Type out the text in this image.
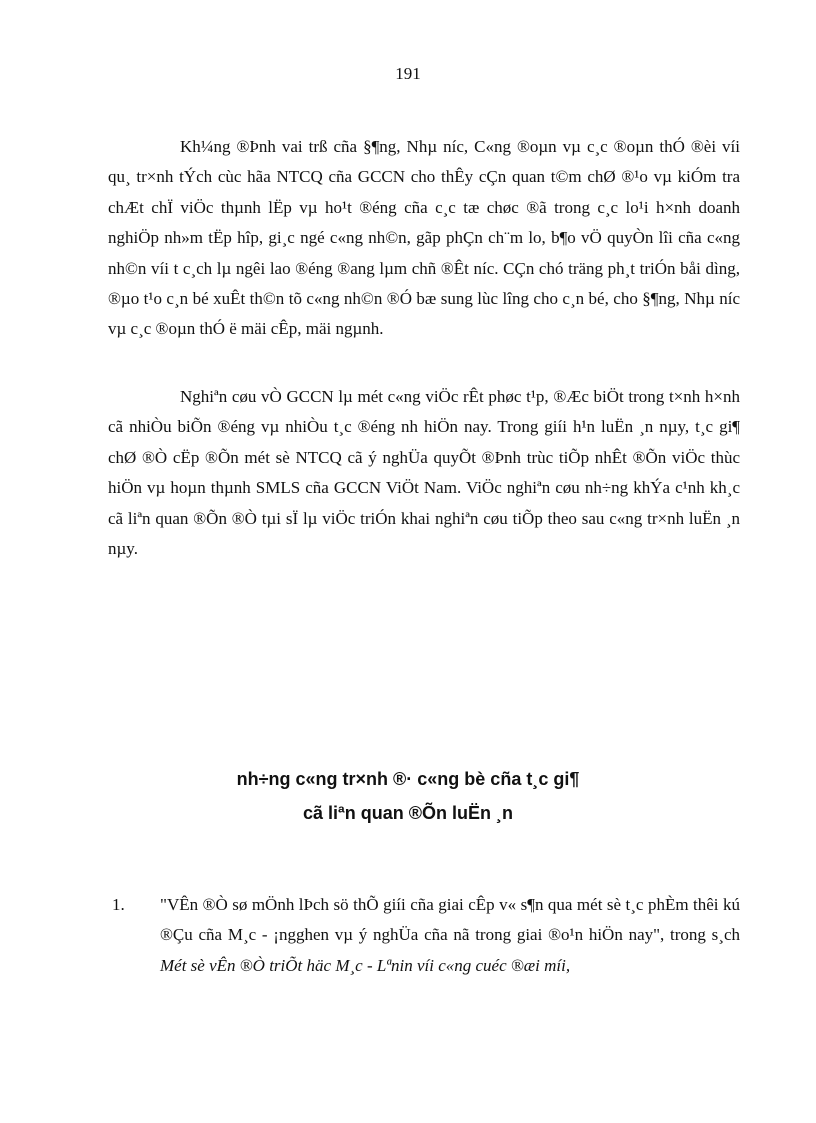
191

Kh¼ng ®Þnh vai trß cña §¶ng, Nhµ níc, C«ng ®oµn vµ c¸c ®oµn thÓ ®èi víi qu¸ tr×nh tÝch cùc hãa NTCQ cña GCCN cho thÊy cÇn quan t©m chØ ®¹o vµ kiÓm tra chÆt chÏ viÖc thµnh lËp vµ ho¹t ®éng cña c¸c tæ chøc ®ã trong c¸c lo¹i h×nh doanh nghiÖp nh»m tËp hîp, gi¸c ngé c«ng nh©n, gãp phÇn ch¨m lo, b¶o vÖ quyÒn lîi cña c«ng nh©n víi t c¸ch lµ ngêi lao ®éng ®ang lµm chñ ®Êt níc. CÇn chó träng ph¸t triÓn båi dìng, ®µo t¹o c¸n bé xuÊt th©n tõ c«ng nh©n ®Ó bæ sung lùc lîng cho c¸n bé, cho §¶ng, Nhµ níc vµ c¸c ®oµn thÓ ë mäi cÊp, mäi ngµnh.

Nghiªn cøu vÒ GCCN lµ mét c«ng viÖc rÊt phøc t¹p, ®Æc biÖt trong t×nh h×nh cã nhiÒu biÕn ®éng vµ nhiÒu t¸c ®éng nh hiÖn nay. Trong giíi h¹n luËn ¸n nµy, t¸c gi¶ chØ ®Ò cËp ®Õn mét sè NTCQ cã ý nghÜa quyÕt ®Þnh trùc tiÕp nhÊt ®Õn viÖc thùc hiÖn vµ hoµn thµnh SMLS cña GCCN ViÖt Nam. ViÖc nghiªn cøu nh÷ng khÝa c¹nh kh¸c cã liªn quan ®Õn ®Ò tµi sÏ lµ viÖc triÓn khai nghiªn cøu tiÕp theo sau c«ng tr×nh luËn ¸n nµy.

nh÷ng c«ng tr×nh ®· c«ng bè cña t¸c gi¶
cã liªn quan ®Õn luËn ¸n
1. "VÊn ®Ò sø mÖnh lÞch sö thÕ giíi cña giai cÊp v« s¶n qua mét sè t¸c phÈm thêi kú ®Çu cña M¸c - ¡ngghen vµ ý nghÜa cña nã trong giai ®o¹n hiÖn nay", trong s¸ch Mét sè vÊn ®Ò triÕt häc M¸c - Lªnin víi c«ng cuéc ®æi míi,
